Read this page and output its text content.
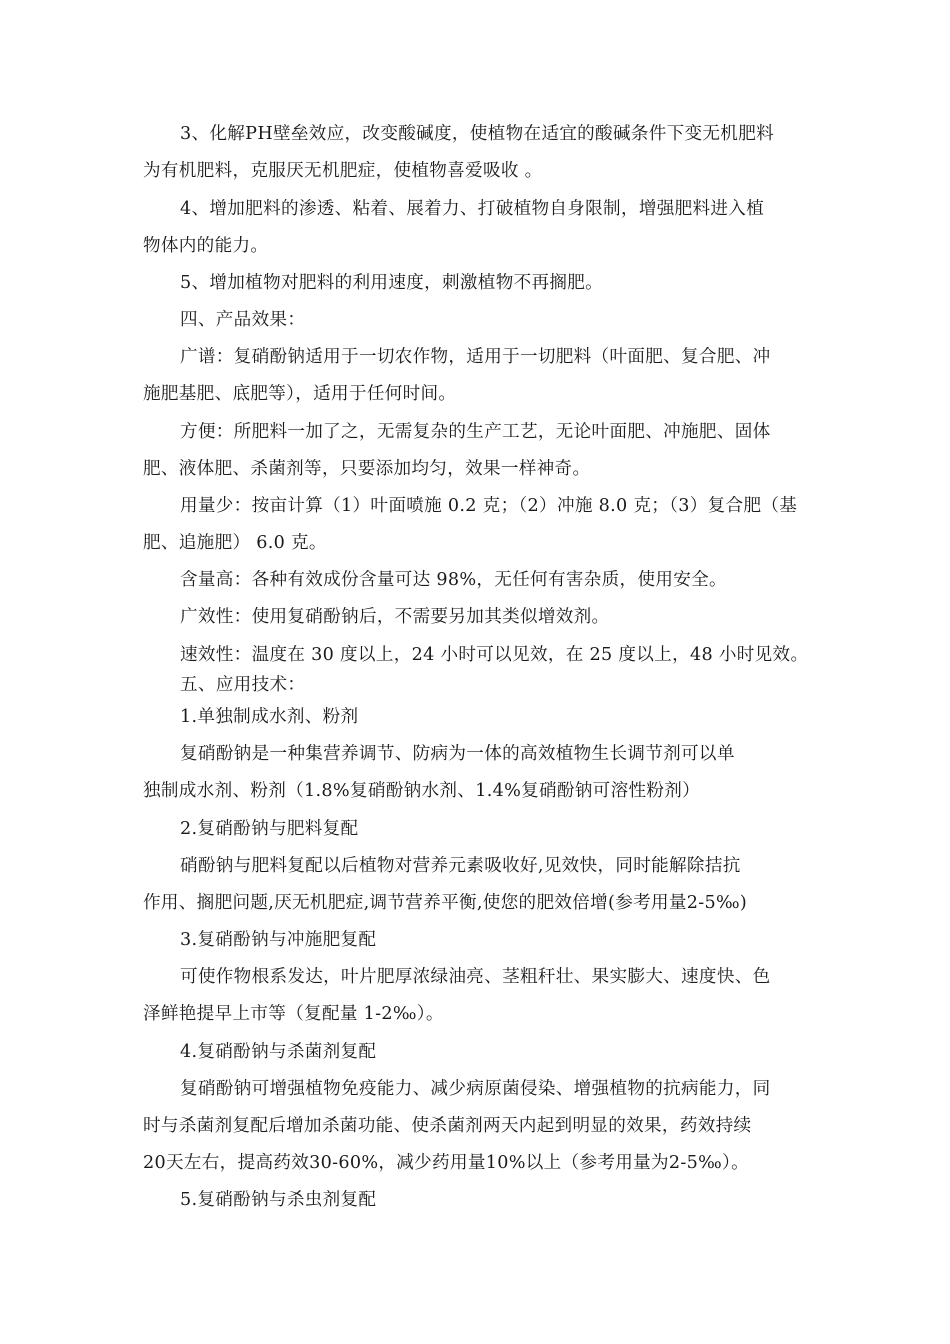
3、化解PH壁垒效应，改变酸碱度，使植物在适宜的酸碱条件下变无机肥料
为有机肥料，克服厌无机肥症，使植物喜爱吸收 。
4、增加肥料的渗透、粘着、展着力、打破植物自身限制，增强肥料进入植
物体内的能力。
5、增加植物对肥料的利用速度，刺激植物不再搁肥。
四、产品效果：
广谱：复硝酚钠适用于一切农作物，适用于一切肥料（叶面肥、复合肥、冲
施肥基肥、底肥等），适用于任何时间。
方便：所肥料一加了之，无需复杂的生产工艺，无论叶面肥、冲施肥、固体
肥、液体肥、杀菌剂等，只要添加均匀，效果一样神奇。
用量少：按亩计算（1）叶面喷施 0.2 克；（2）冲施 8.0 克；（3）复合肥（基
肥、追施肥） 6.0 克。
含量高：各种有效成份含量可达 98%，无任何有害杂质，使用安全。
广效性：使用复硝酚钠后，不需要另加其类似增效剂。
速效性：温度在 30 度以上，24 小时可以见效，在 25 度以上，48 小时见效。
五、应用技术：
1.单独制成水剂、粉剂
复硝酚钠是一种集营养调节、防病为一体的高效植物生长调节剂可以单
独制成水剂、粉剂（1.8%复硝酚钠水剂、1.4%复硝酚钠可溶性粉剂）
2.复硝酚钠与肥料复配
硝酚钠与肥料复配以后植物对营养元素吸收好,见效快，同时能解除拮抗
作用、搁肥问题,厌无机肥症,调节营养平衡,使您的肥效倍增(参考用量2-5‰)
3.复硝酚钠与冲施肥复配
可使作物根系发达，叶片肥厚浓绿油亮、茎粗秆壮、果实膨大、速度快、色
泽鲜艳提早上市等（复配量 1-2‰）。
4.复硝酚钠与杀菌剂复配
复硝酚钠可增强植物免疫能力、减少病原菌侵染、增强植物的抗病能力，同
时与杀菌剂复配后增加杀菌功能、使杀菌剂两天内起到明显的效果，药效持续
20天左右，提高药效30-60%，减少药用量10%以上（参考用量为2-5‰）。
5.复硝酚钠与杀虫剂复配
